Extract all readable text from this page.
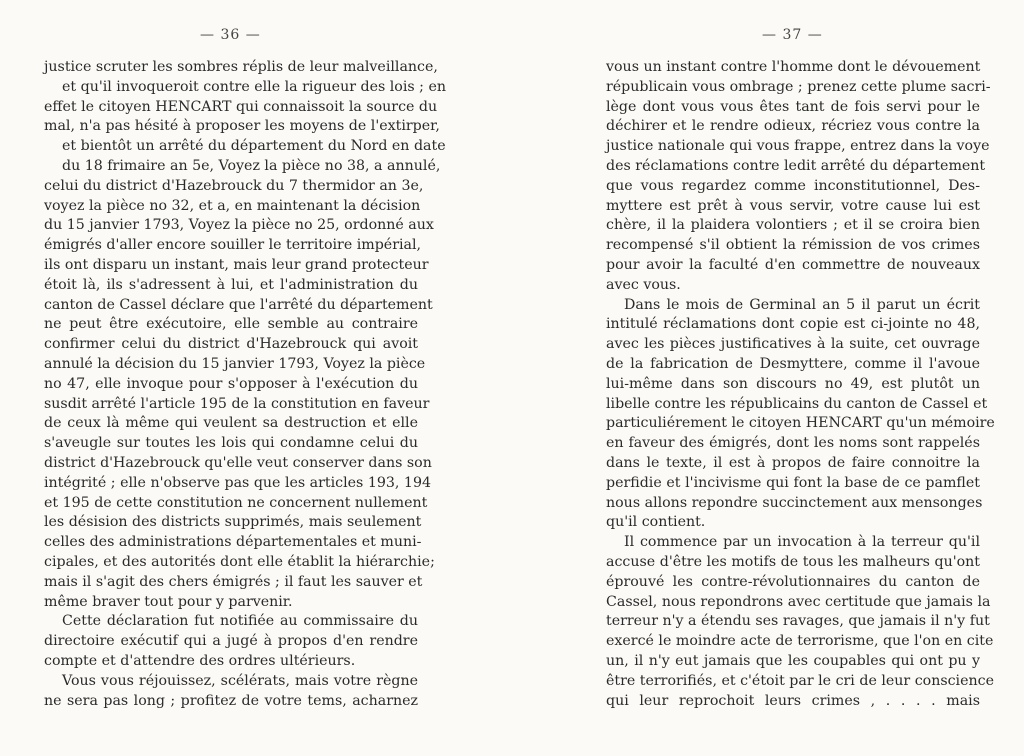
— 36 —
justice scruter les sombres réplis de leur malveillance,
et qu'il invoqueroit contre elle la rigueur des lois ; en
effet le citoyen HENCART qui connaissoit la source du
mal, n'a pas hésité à proposer les moyens de l'extirper,
et bientôt un arrêté du département du Nord en date
du 18 frimaire an 5e, Voyez la pièce no 38, a annulé,
celui du district d'Hazebrouck du 7 thermidor an 3e,
voyez la pièce no 32, et a, en maintenant la décision
du 15 janvier 1793, Voyez la pièce no 25, ordonné aux
émigrés d'aller encore souiller le territoire impérial,
ils ont disparu un instant, mais leur grand protecteur
étoit là, ils s'adressent à lui, et l'administration du
canton de Cassel déclare que l'arrêté du département
ne peut être exécutoire, elle semble au contraire
confirmer celui du district d'Hazebrouck qui avoit
annulé la décision du 15 janvier 1793, Voyez la pièce
no 47, elle invoque pour s'opposer à l'exécution du
susdit arrêté l'article 195 de la constitution en faveur
de ceux là même qui veulent sa destruction et elle
s'aveugle sur toutes les lois qui condamne celui du
district d'Hazebrouck qu'elle veut conserver dans son
intégrité ; elle n'observe pas que les articles 193, 194
et 195 de cette constitution ne concernent nullement
les désision des districts supprimés, mais seulement
celles des administrations départementales et muni-
cipales, et des autorités dont elle établit la hiérarchie;
mais il s'agit des chers émigrés ; il faut les sauver et
même braver tout pour y parvenir.
Cette déclaration fut notifiée au commissaire du
directoire exécutif qui a jugé à propos d'en rendre
compte et d'attendre des ordres ultérieurs.
Vous vous réjouissez, scélérats, mais votre règne
ne sera pas long ; profitez de votre tems, acharnez
— 37 —
vous un instant contre l'homme dont le dévouement
républicain vous ombrage ; prenez cette plume sacri-
lège dont vous vous êtes tant de fois servi pour le
déchirer et le rendre odieux, récriez vous contre la
justice nationale qui vous frappe, entrez dans la voye
des réclamations contre ledit arrêté du département
que vous regardez comme inconstitutionnel, Des-
myttere est prêt à vous servir, votre cause lui est
chère, il la plaidera volontiers ; et il se croira bien
recompensé s'il obtient la rémission de vos crimes
pour avoir la faculté d'en commettre de nouveaux
avec vous.
Dans le mois de Germinal an 5 il parut un écrit
intitulé réclamations dont copie est ci-jointe no 48,
avec les pièces justificatives à la suite, cet ouvrage
de la fabrication de Desmyttere, comme il l'avoue
lui-même dans son discours no 49, est plutôt un
libelle contre les républicains du canton de Cassel et
particuliérement le citoyen HENCART qu'un mémoire
en faveur des émigrés, dont les noms sont rappelés
dans le texte, il est à propos de faire connoitre la
perfidie et l'incivisme qui font la base de ce pamflet
nous allons repondre succinctement aux mensonges
qu'il contient.
Il commence par un invocation à la terreur qu'il
accuse d'être les motifs de tous les malheurs qu'ont
éprouvé les contre-révolutionnaires du canton de
Cassel, nous repondrons avec certitude que jamais la
terreur n'y a étendu ses ravages, que jamais il n'y fut
exercé le moindre acte de terrorisme, que l'on en cite
un, il n'y eut jamais que les coupables qui ont pu y
être terrorifiés, et c'étoit par le cri de leur conscience
qui leur reprochoit leurs crimes , . . . . mais
